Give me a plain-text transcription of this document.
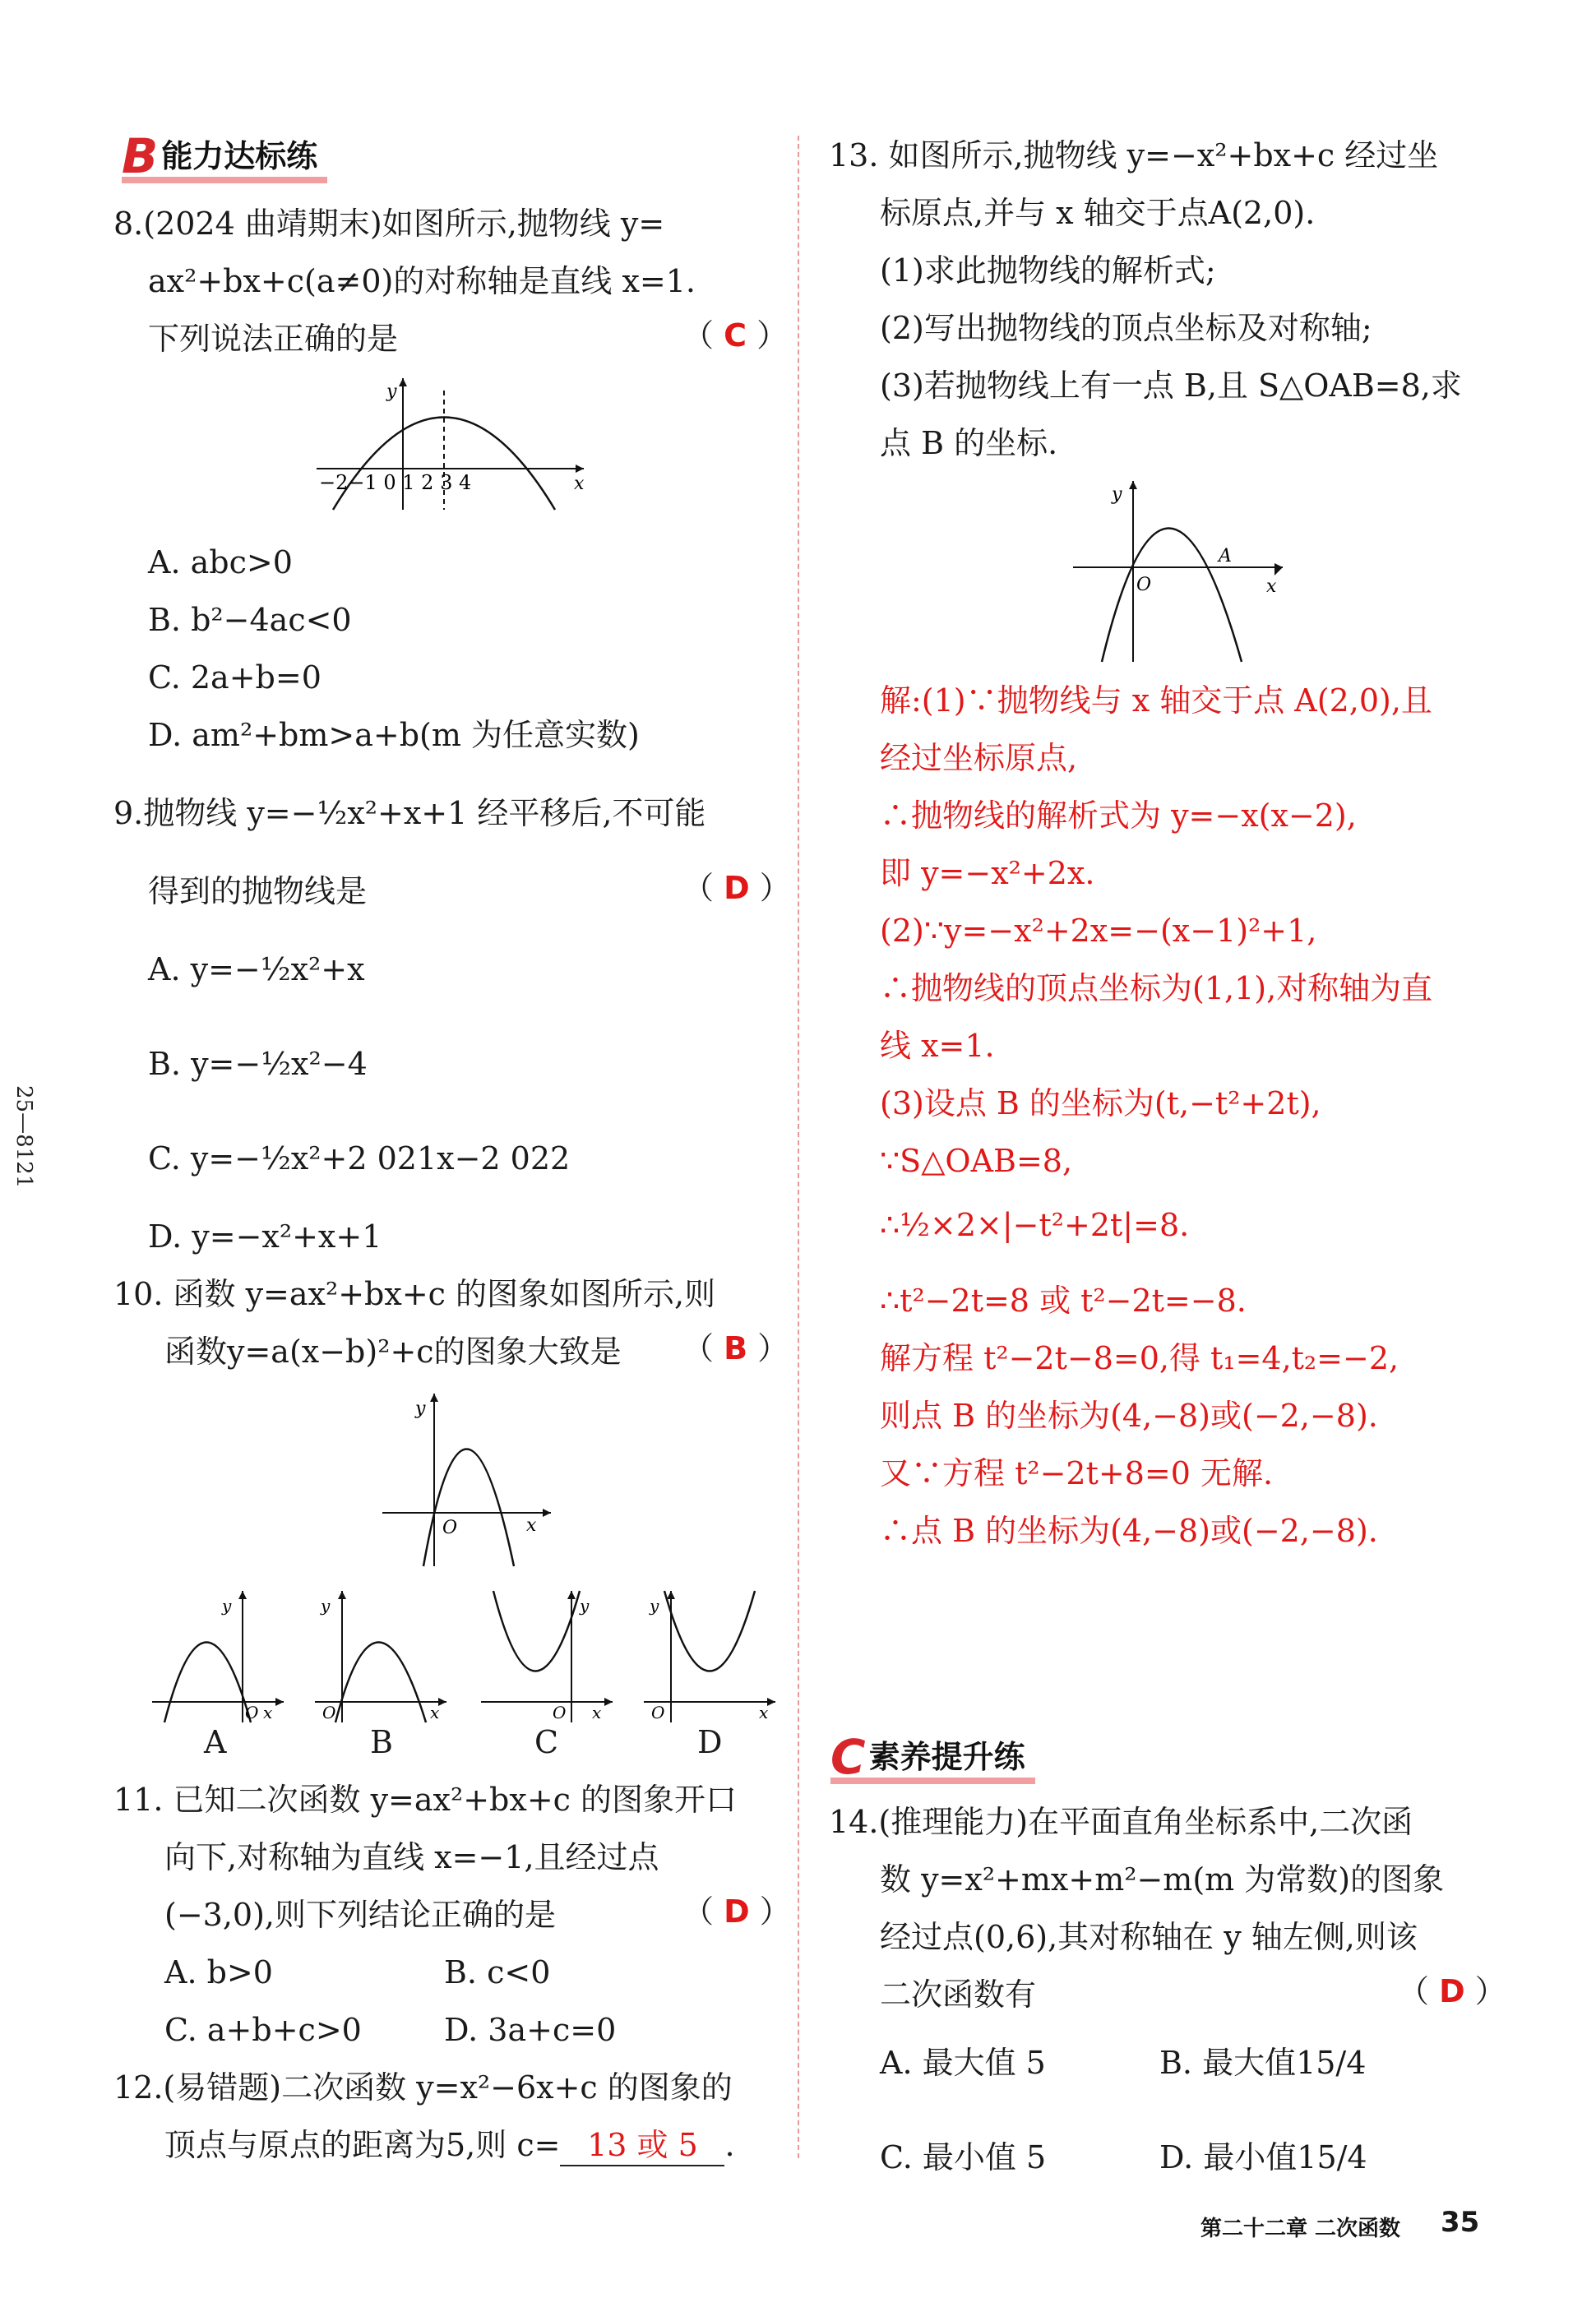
25—8121
B 能力达标练
8.(2024 曲靖期末)如图所示,抛物线 y=
ax²+bx+c(a≠0)的对称轴是直线 x=1.
下列说法正确的是	（ C ）
y
x
−2−1 0 1 2 3 4
A. abc>0
B. b²−4ac<0
C. 2a+b=0
D. am²+bm>a+b(m 为任意实数)
9.抛物线 y=−½x²+x+1 经平移后,不可能
得到的抛物线是	（ D ）
A. y=−½x²+x
B. y=−½x²−4
C. y=−½x²+2 021x−2 022
D. y=−x²+x+1
10. 函数 y=ax²+bx+c 的图象如图所示,则
函数y=a(x−b)²+c的图象大致是 （ B ）
y
x
O
y
O x
A
y
O	x
B
y
O x
C
y
O	x
D
11. 已知二次函数 y=ax²+bx+c 的图象开口
向下,对称轴为直线 x=−1,且经过点
(−3,0),则下列结论正确的是	（ D ）
A. b>0	B. c<0
C. a+b+c>0	D. 3a+c=0
12.(易错题)二次函数 y=x²−6x+c 的图象的
顶点与原点的距离为5,则 c= 13 或 5 .
13. 如图所示,抛物线 y=−x²+bx+c 经过坐
标原点,并与 x 轴交于点A(2,0).
(1)求此抛物线的解析式;
(2)写出抛物线的顶点坐标及对称轴;
(3)若抛物线上有一点 B,且 S△OAB=8,求
点 B 的坐标.
y
x
O
A
解:(1)∵抛物线与 x 轴交于点 A(2,0),且
经过坐标原点,
∴抛物线的解析式为 y=−x(x−2),
即 y=−x²+2x.
(2)∵y=−x²+2x=−(x−1)²+1,
∴抛物线的顶点坐标为(1,1),对称轴为直
线 x=1.
(3)设点 B 的坐标为(t,−t²+2t),
∵S△OAB=8,
∴½×2×|−t²+2t|=8.
∴t²−2t=8 或 t²−2t=−8.
解方程 t²−2t−8=0,得 t₁=4,t₂=−2,
则点 B 的坐标为(4,−8)或(−2,−8).
又∵方程 t²−2t+8=0 无解.
∴点 B 的坐标为(4,−8)或(−2,−8).
C 素养提升练
14.(推理能力)在平面直角坐标系中,二次函
数 y=x²+mx+m²−m(m 为常数)的图象
经过点(0,6),其对称轴在 y 轴左侧,则该
二次函数有	（ D ）
A. 最大值 5	B. 最大值15/4
C. 最小值 5	D. 最小值15/4
第二十二章 二次函数 35
